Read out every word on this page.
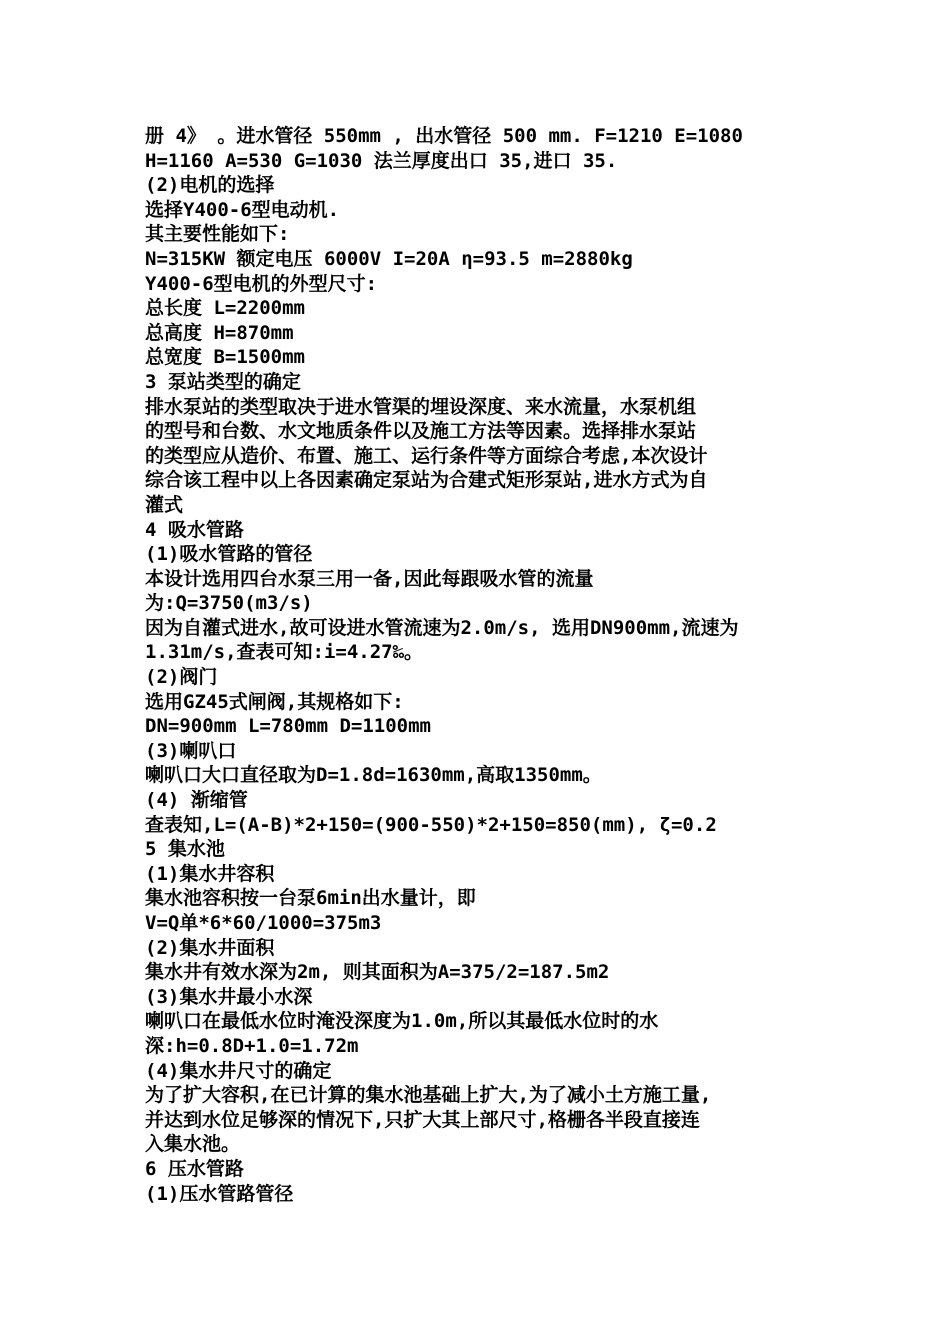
册 4》 。进水管径 550mm , 出水管径 500 mm. F=1210 E=1080
H=1160 A=530 G=1030 法兰厚度出口 35,进口 35.
(2)电机的选择
选择Y400-6型电动机.
其主要性能如下:
N=315KW 额定电压 6000V I=20A η=93.5 m=2880kg
Y400-6型电机的外型尺寸:
总长度 L=2200mm
总高度 H=870mm
总宽度 B=1500mm
3 泵站类型的确定
排水泵站的类型取决于进水管渠的埋设深度、来水流量，水泵机组
的型号和台数、水文地质条件以及施工方法等因素。选择排水泵站
的类型应从造价、布置、施工、运行条件等方面综合考虑,本次设计
综合该工程中以上各因素确定泵站为合建式矩形泵站,进水方式为自
灌式
4 吸水管路
(1)吸水管路的管径
本设计选用四台水泵三用一备,因此每跟吸水管的流量
为:Q=3750(m3/s)
因为自灌式进水,故可设进水管流速为2.0m/s, 选用DN900mm,流速为
1.31m/s,查表可知:i=4.27‰。
(2)阀门
选用GZ45式闸阀,其规格如下:
DN=900mm L=780mm D=1100mm
(3)喇叭口
喇叭口大口直径取为D=1.8d=1630mm,高取1350mm。
(4) 渐缩管
查表知,L=(A-B)*2+150=(900-550)*2+150=850(mm), ζ=0.2
5 集水池
(1)集水井容积
集水池容积按一台泵6min出水量计，即
V=Q单*6*60/1000=375m3
(2)集水井面积
集水井有效水深为2m, 则其面积为A=375/2=187.5m2
(3)集水井最小水深
喇叭口在最低水位时淹没深度为1.0m,所以其最低水位时的水
深:h=0.8D+1.0=1.72m
(4)集水井尺寸的确定
为了扩大容积,在已计算的集水池基础上扩大,为了减小土方施工量,
并达到水位足够深的情况下,只扩大其上部尺寸,格栅各半段直接连
入集水池。
6 压水管路
(1)压水管路管径
